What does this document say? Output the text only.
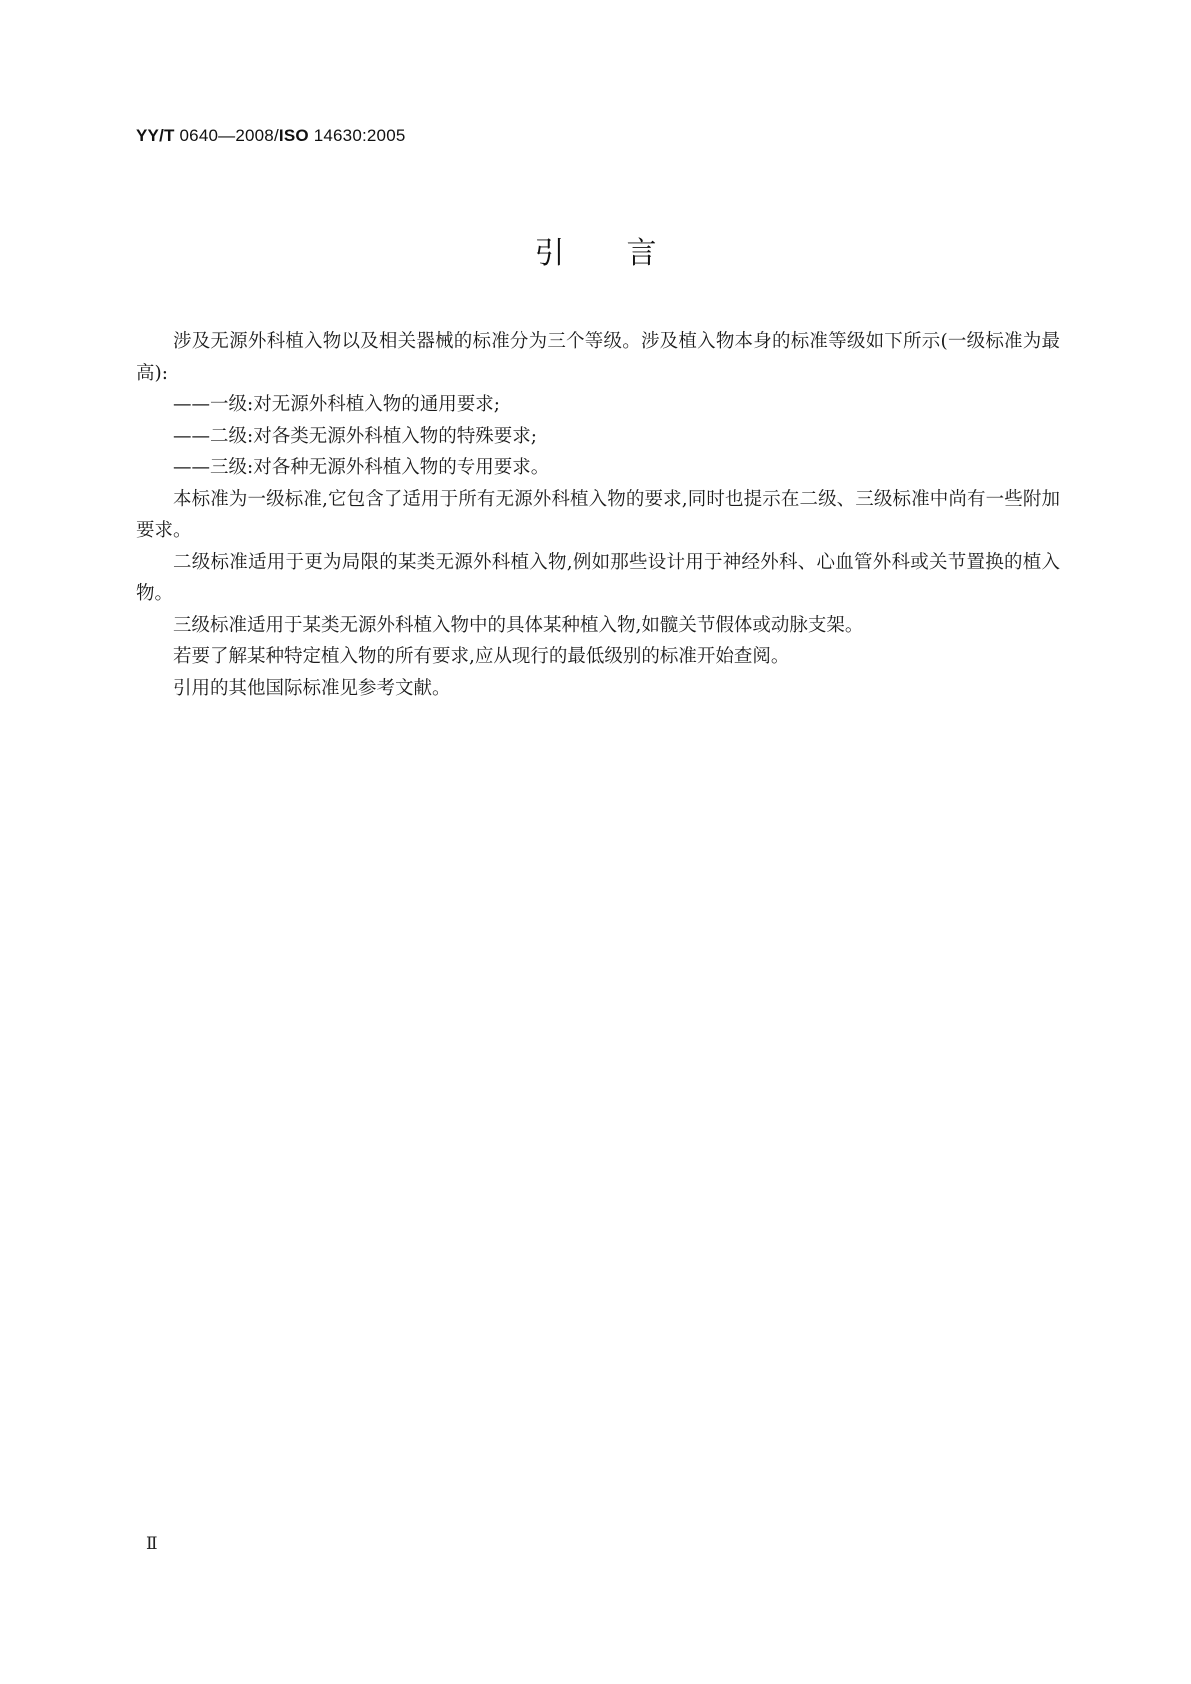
YY/T 0640—2008/ISO 14630:2005
引言

涉及无源外科植入物以及相关器械的标准分为三个等级。涉及植入物本身的标准等级如下所示(一级标准为最高):

——一级:对无源外科植入物的通用要求;

——二级:对各类无源外科植入物的特殊要求;

——三级:对各种无源外科植入物的专用要求。

本标准为一级标准,它包含了适用于所有无源外科植入物的要求,同时也提示在二级、三级标准中尚有一些附加要求。

二级标准适用于更为局限的某类无源外科植入物,例如那些设计用于神经外科、心血管外科或关节置换的植入物。

三级标准适用于某类无源外科植入物中的具体某种植入物,如髋关节假体或动脉支架。

若要了解某种特定植入物的所有要求,应从现行的最低级别的标准开始查阅。

引用的其他国际标准见参考文献。

Ⅱ
